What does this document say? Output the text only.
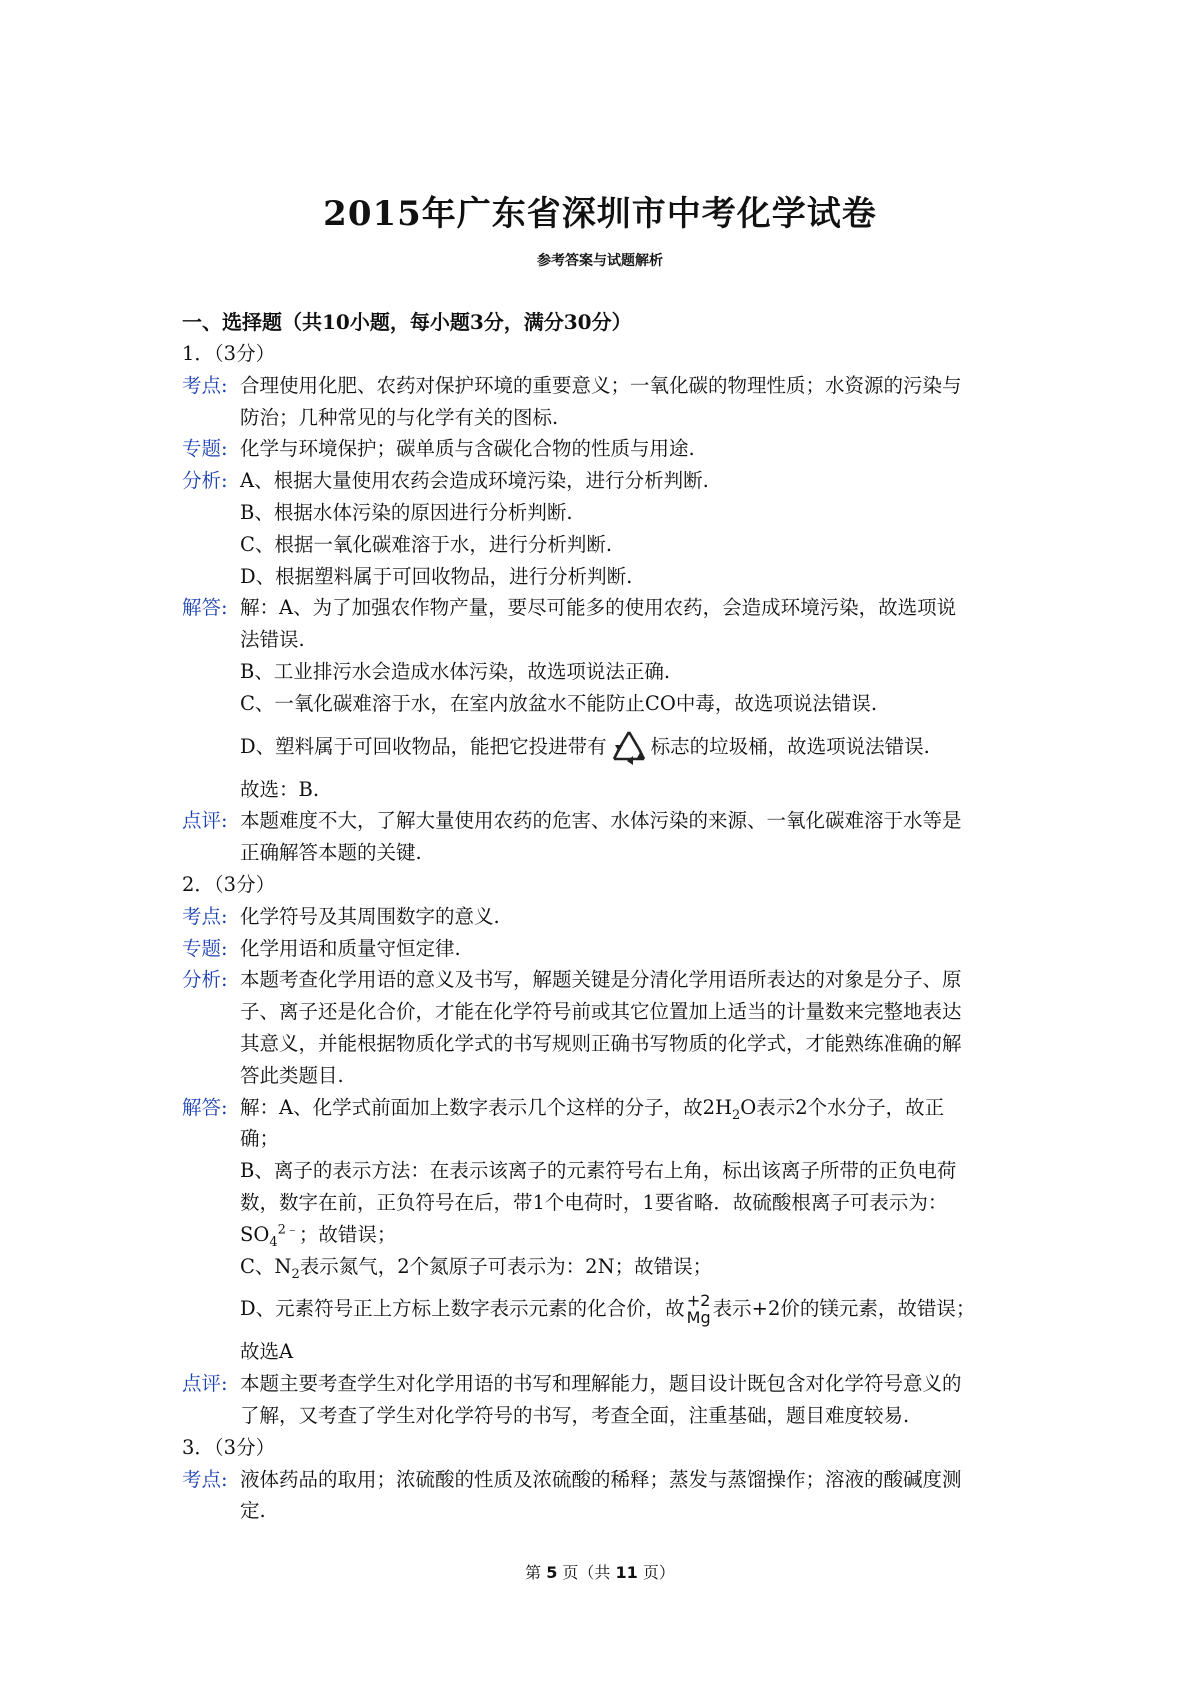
2015年广东省深圳市中考化学试卷
参考答案与试题解析
一、选择题（共10小题，每小题3分，满分30分）
1．（3分）
考点: 合理使用化肥、农药对保护环境的重要意义；一氧化碳的物理性质；水资源的污染与
防治；几种常见的与化学有关的图标.
专题: 化学与环境保护；碳单质与含碳化合物的性质与用途.
分析: A、根据大量使用农药会造成环境污染，进行分析判断.
B、根据水体污染的原因进行分析判断.
C、根据一氧化碳难溶于水，进行分析判断.
D、根据塑料属于可回收物品，进行分析判断.
解答: 解：A、为了加强农作物产量，要尽可能多的使用农药，会造成环境污染，故选项说
法错误.
B、工业排污水会造成水体污染，故选项说法正确.
C、一氧化碳难溶于水，在室内放盆水不能防止CO中毒，故选项说法错误.
D、塑料属于可回收物品，能把它投进带有 标志的垃圾桶，故选项说法错误.
故选：B.
点评: 本题难度不大，了解大量使用农药的危害、水体污染的来源、一氧化碳难溶于水等是
正确解答本题的关键.
2．（3分）
考点: 化学符号及其周围数字的意义.
专题: 化学用语和质量守恒定律.
分析: 本题考查化学用语的意义及书写，解题关键是分清化学用语所表达的对象是分子、原
子、离子还是化合价，才能在化学符号前或其它位置加上适当的计量数来完整地表达
其意义，并能根据物质化学式的书写规则正确书写物质的化学式，才能熟练准确的解
答此类题目.
解答: 解：A、化学式前面加上数字表示几个这样的分子，故$2H_2O$表示2个水分子，故正
确；
B、离子的表示方法：在表示该离子的元素符号右上角，标出该离子所带的正负电荷
数，数字在前，正负符号在后，带1个电荷时，1要省略．故硫酸根离子可表示为：
$SO_4^{2﹣}$；故错误；
C、$N_2$表示氮气，2个氮原子可表示为：2N；故错误；
D、元素符号正上方标上数字表示元素的化合价，故 +2
Mg 表示+2价的镁元素，故错误；
故选A
点评: 本题主要考查学生对化学用语的书写和理解能力，题目设计既包含对化学符号意义的
了解，又考查了学生对化学符号的书写，考查全面，注重基础，题目难度较易.
3．（3分）
考点: 液体药品的取用；浓硫酸的性质及浓硫酸的稀释；蒸发与蒸馏操作；溶液的酸碱度测
定.
第 5 页（共 11 页）
